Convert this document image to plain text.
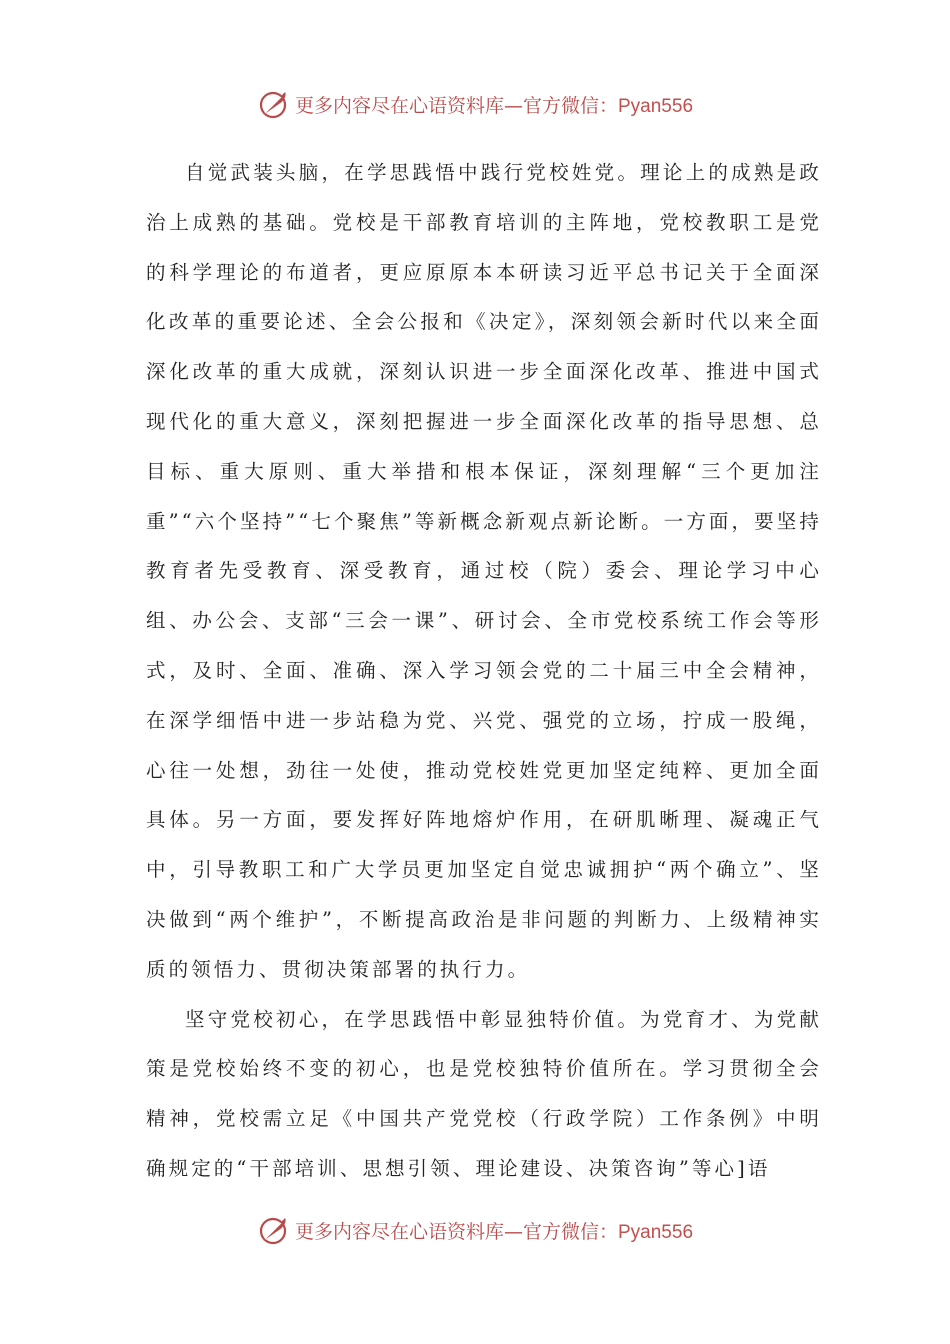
更多内容尽在心语资料库—官方微信：Pyan556

自觉武装头脑，在学思践悟中践行党校姓党。理论上的成熟是政治上成熟的基础。党校是干部教育培训的主阵地，党校教职工是党的科学理论的布道者，更应原原本本研读习近平总书记关于全面深化改革的重要论述、全会公报和《决定》，深刻领会新时代以来全面深化改革的重大成就，深刻认识进一步全面深化改革、推进中国式现代化的重大意义，深刻把握进一步全面深化改革的指导思想、总目标、重大原则、重大举措和根本保证，深刻理解“三个更加注重”“六个坚持”“七个聚焦”等新概念新观点新论断。一方面，要坚持教育者先受教育、深受教育，通过校（院）委会、理论学习中心组、办公会、支部“三会一课”、研讨会、全市党校系统工作会等形式，及时、全面、准确、深入学习领会党的二十届三中全会精神，在深学细悟中进一步站稳为党、兴党、强党的立场，拧成一股绳，心往一处想，劲往一处使，推动党校姓党更加坚定纯粹、更加全面具体。另一方面，要发挥好阵地熔炉作用，在研肌晰理、凝魂正气中，引导教职工和广大学员更加坚定自觉忠诚拥护“两个确立”、坚决做到“两个维护”，不断提高政治是非问题的判断力、上级精神实质的领悟力、贯彻决策部署的执行力。

坚守党校初心，在学思践悟中彰显独特价值。为党育才、为党献策是党校始终不变的初心，也是党校独特价值所在。学习贯彻全会精神，党校需立足《中国共产党党校（行政学院）工作条例》中明确规定的“干部培训、思想引领、理论建设、决策咨询”等心]语

更多内容尽在心语资料库—官方微信：Pyan556
